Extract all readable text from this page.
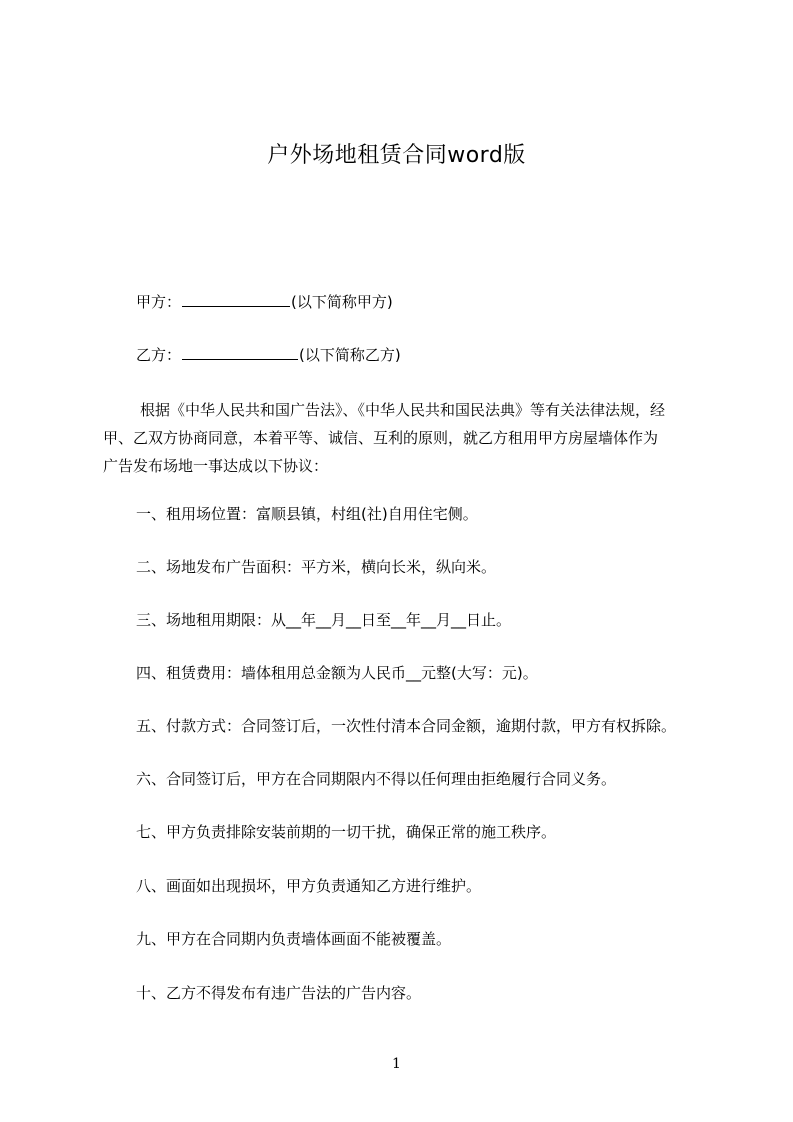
户外场地租赁合同word版
甲方：	(以下简称甲方)
乙方：	(以下简称乙方)
根据《中华人民共和国广告法》、《中华人民共和国民法典》等有关法律法规，经
甲、乙双方协商同意，本着平等、诚信、互利的原则，就乙方租用甲方房屋墙体作为
广告发布场地一事达成以下协议：
一、租用场位置：富顺县镇，村组(社)自用住宅侧。
二、场地发布广告面积：平方米，横向长米，纵向米。
三、场地租用期限：从__年__月__日至__年__月__日止。
四、租赁费用：墙体租用总金额为人民币__元整(大写：元)。
五、付款方式：合同签订后，一次性付清本合同金额，逾期付款，甲方有权拆除。
六、合同签订后，甲方在合同期限内不得以任何理由拒绝履行合同义务。
七、甲方负责排除安装前期的一切干扰，确保正常的施工秩序。
八、画面如出现损坏，甲方负责通知乙方进行维护。
九、甲方在合同期内负责墙体画面不能被覆盖。
十、乙方不得发布有违广告法的广告内容。
1
